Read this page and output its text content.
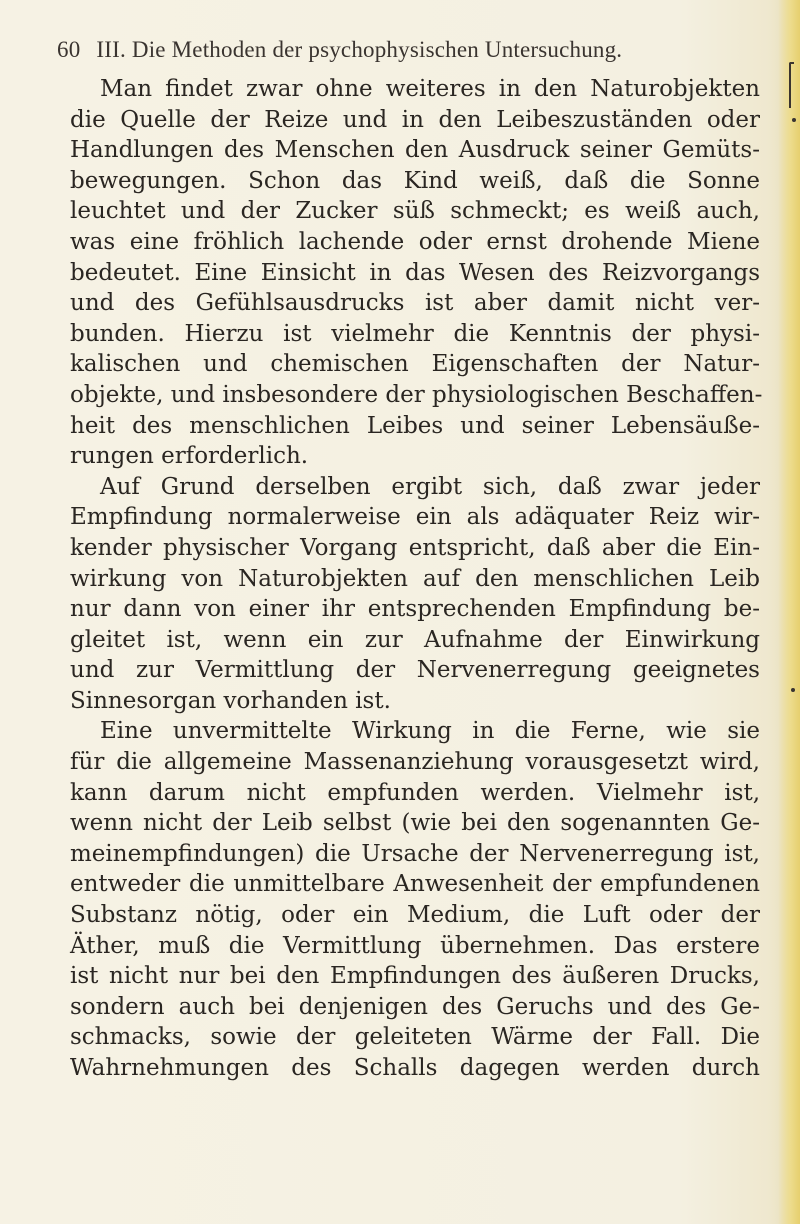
60 III. Die Methoden der psychophysischen Untersuchung.
Man findet zwar ohne weiteres in den Naturobjekten
die Quelle der Reize und in den Leibeszuständen oder
Handlungen des Menschen den Ausdruck seiner Gemüts-
bewegungen. Schon das Kind weiß, daß die Sonne
leuchtet und der Zucker süß schmeckt; es weiß auch,
was eine fröhlich lachende oder ernst drohende Miene
bedeutet. Eine Einsicht in das Wesen des Reizvorgangs
und des Gefühlsausdrucks ist aber damit nicht ver-
bunden. Hierzu ist vielmehr die Kenntnis der physi-
kalischen und chemischen Eigenschaften der Natur-
objekte, und insbesondere der physiologischen Beschaffen-
heit des menschlichen Leibes und seiner Lebensäuße-
rungen erforderlich.
Auf Grund derselben ergibt sich, daß zwar jeder
Empfindung normalerweise ein als adäquater Reiz wir-
kender physischer Vorgang entspricht, daß aber die Ein-
wirkung von Naturobjekten auf den menschlichen Leib
nur dann von einer ihr entsprechenden Empfindung be-
gleitet ist, wenn ein zur Aufnahme der Einwirkung
und zur Vermittlung der Nervenerregung geeignetes
Sinnesorgan vorhanden ist.
Eine unvermittelte Wirkung in die Ferne, wie sie
für die allgemeine Massenanziehung vorausgesetzt wird,
kann darum nicht empfunden werden. Vielmehr ist,
wenn nicht der Leib selbst (wie bei den sogenannten Ge-
meinempfindungen) die Ursache der Nervenerregung ist,
entweder die unmittelbare Anwesenheit der empfundenen
Substanz nötig, oder ein Medium, die Luft oder der
Äther, muß die Vermittlung übernehmen. Das erstere
ist nicht nur bei den Empfindungen des äußeren Drucks,
sondern auch bei denjenigen des Geruchs und des Ge-
schmacks, sowie der geleiteten Wärme der Fall. Die
Wahrnehmungen des Schalls dagegen werden durch
